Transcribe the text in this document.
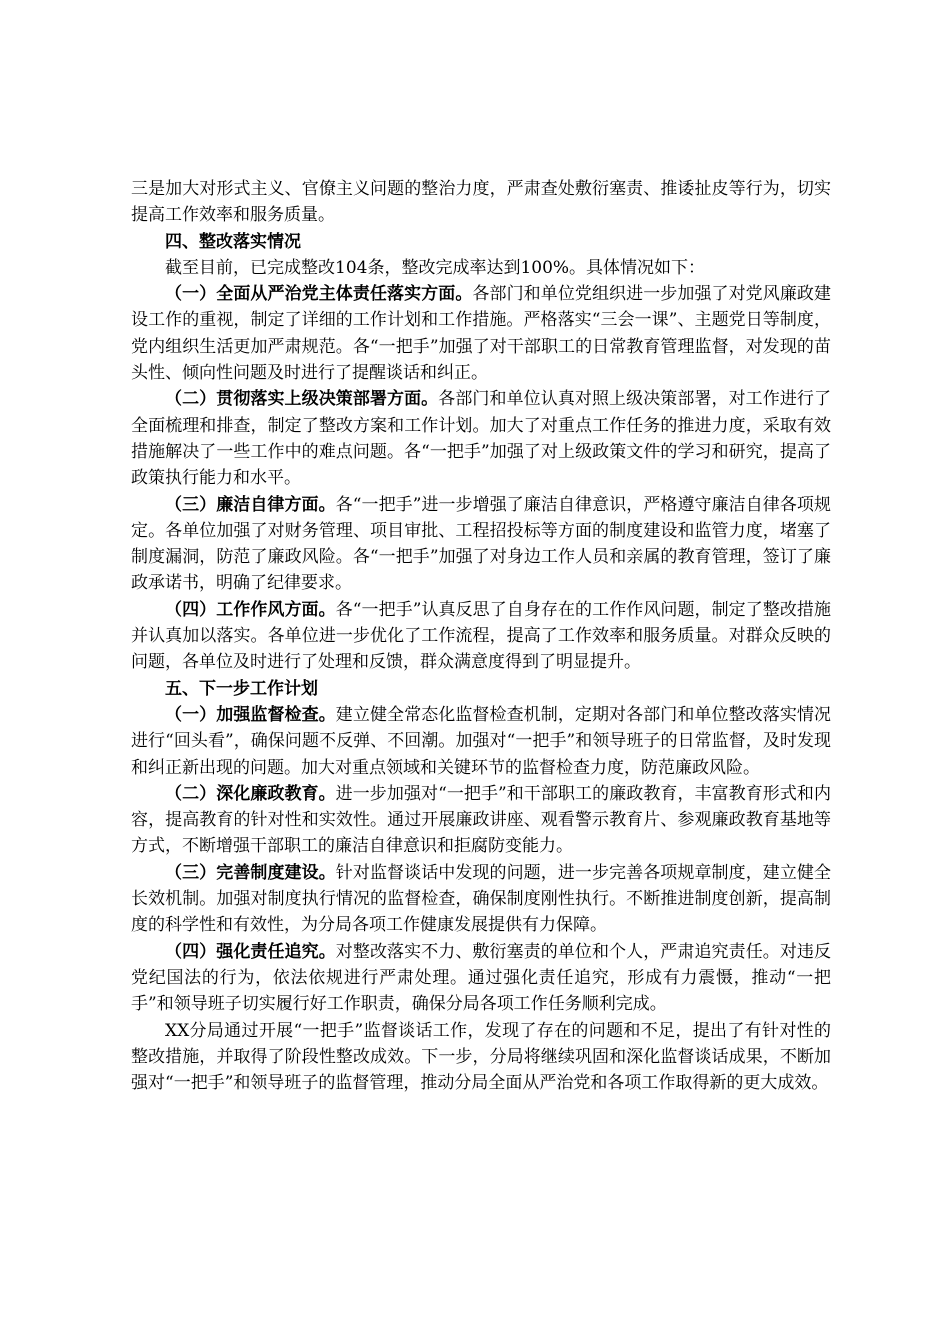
三是加大对形式主义、官僚主义问题的整治力度，严肃查处敷衍塞责、推诿扯皮等行为，切实提高工作效率和服务质量。

四、整改落实情况

截至目前，已完成整改104条，整改完成率达到100%。具体情况如下：

（一）全面从严治党主体责任落实方面。各部门和单位党组织进一步加强了对党风廉政建设工作的重视，制定了详细的工作计划和工作措施。严格落实“三会一课”、主题党日等制度，党内组织生活更加严肃规范。各“一把手”加强了对干部职工的日常教育管理监督，对发现的苗头性、倾向性问题及时进行了提醒谈话和纠正。

（二）贯彻落实上级决策部署方面。各部门和单位认真对照上级决策部署，对工作进行了全面梳理和排查，制定了整改方案和工作计划。加大了对重点工作任务的推进力度，采取有效措施解决了一些工作中的难点问题。各“一把手”加强了对上级政策文件的学习和研究，提高了政策执行能力和水平。

（三）廉洁自律方面。各“一把手”进一步增强了廉洁自律意识，严格遵守廉洁自律各项规定。各单位加强了对财务管理、项目审批、工程招投标等方面的制度建设和监管力度，堵塞了制度漏洞，防范了廉政风险。各“一把手”加强了对身边工作人员和亲属的教育管理，签订了廉政承诺书，明确了纪律要求。

（四）工作作风方面。各“一把手”认真反思了自身存在的工作作风问题，制定了整改措施并认真加以落实。各单位进一步优化了工作流程，提高了工作效率和服务质量。对群众反映的问题，各单位及时进行了处理和反馈，群众满意度得到了明显提升。

五、下一步工作计划

（一）加强监督检查。建立健全常态化监督检查机制，定期对各部门和单位整改落实情况进行“回头看”，确保问题不反弹、不回潮。加强对“一把手”和领导班子的日常监督，及时发现和纠正新出现的问题。加大对重点领域和关键环节的监督检查力度，防范廉政风险。

（二）深化廉政教育。进一步加强对“一把手”和干部职工的廉政教育，丰富教育形式和内容，提高教育的针对性和实效性。通过开展廉政讲座、观看警示教育片、参观廉政教育基地等方式，不断增强干部职工的廉洁自律意识和拒腐防变能力。

（三）完善制度建设。针对监督谈话中发现的问题，进一步完善各项规章制度，建立健全长效机制。加强对制度执行情况的监督检查，确保制度刚性执行。不断推进制度创新，提高制度的科学性和有效性，为分局各项工作健康发展提供有力保障。

（四）强化责任追究。对整改落实不力、敷衍塞责的单位和个人，严肃追究责任。对违反党纪国法的行为，依法依规进行严肃处理。通过强化责任追究，形成有力震慑，推动“一把手”和领导班子切实履行好工作职责，确保分局各项工作任务顺利完成。

XX分局通过开展“一把手”监督谈话工作，发现了存在的问题和不足，提出了有针对性的整改措施，并取得了阶段性整改成效。下一步，分局将继续巩固和深化监督谈话成果，不断加强对“一把手”和领导班子的监督管理，推动分局全面从严治党和各项工作取得新的更大成效。
